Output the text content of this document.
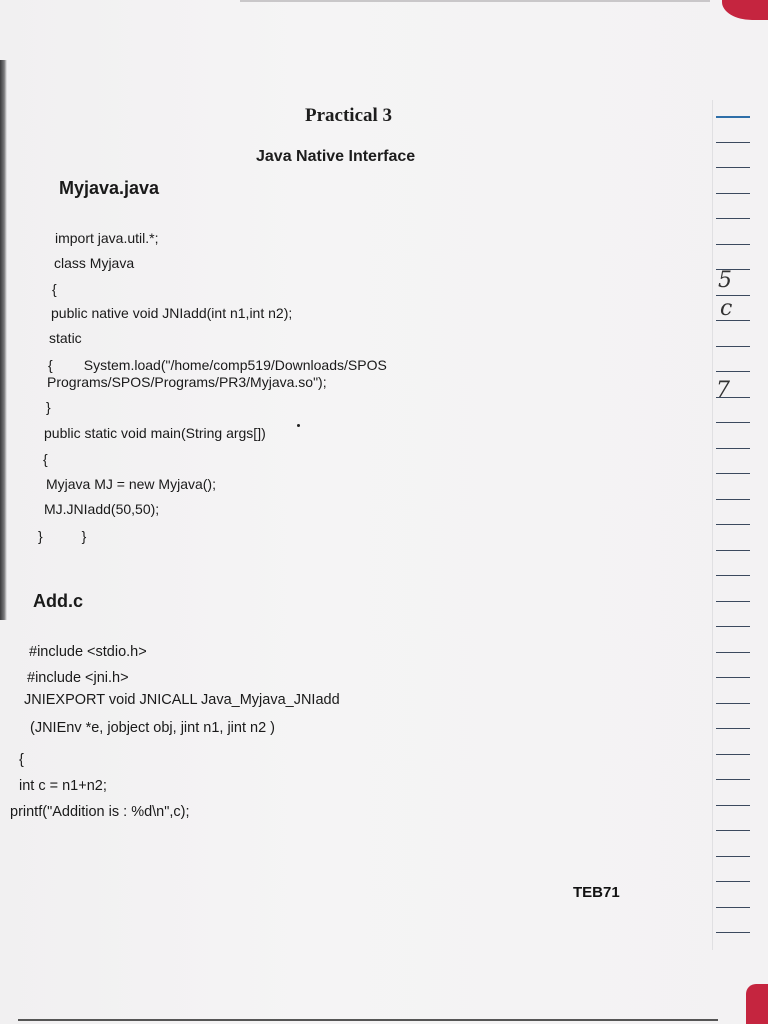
5
c
7
Practical 3
Java Native Interface
Myjava.java
import java.util.*;
class Myjava
{
public native void JNIadd(int n1,int n2);
static
{        System.load("/home/comp519/Downloads/SPOS
Programs/SPOS/Programs/PR3/Myjava.so");
}
public static void main(String args[])
{
Myjava MJ = new Myjava();
MJ.JNIadd(50,50);
}          }
Add.c
#include <stdio.h>
#include <jni.h>
JNIEXPORT void JNICALL Java_Myjava_JNIadd
(JNIEnv *e, jobject obj, jint n1, jint n2 )
{
int c = n1+n2;
printf("Addition is : %d\n",c);
TEB71
